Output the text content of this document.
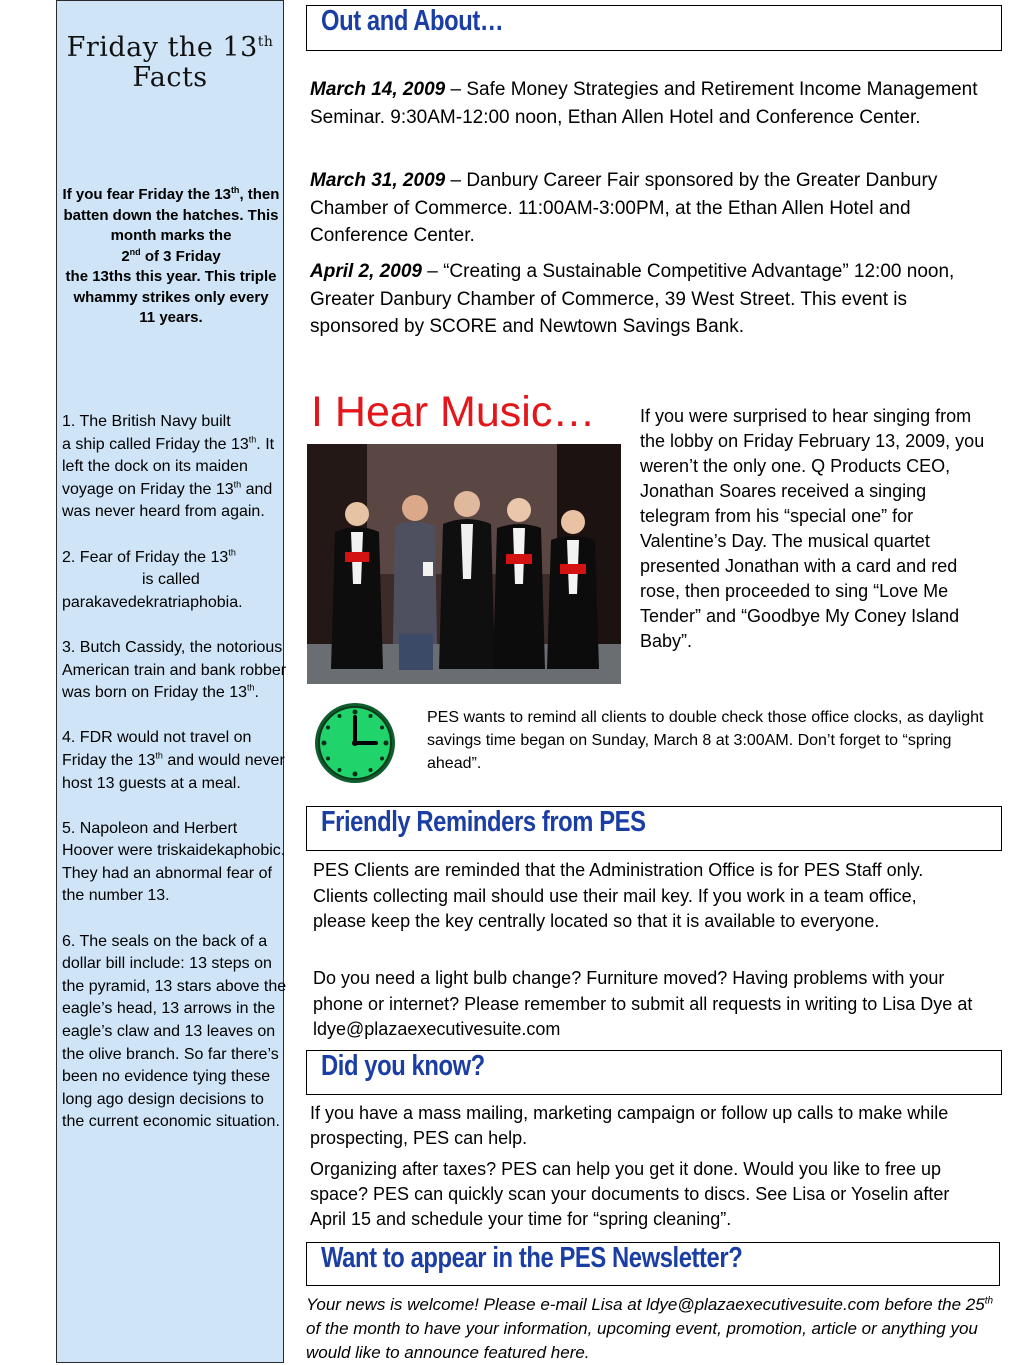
Friday the 13th
Facts

If you fear Friday the 13th, then batten down the hatches. This month marks the
2nd of 3 Friday
the 13ths this year. This triple whammy strikes only every
11 years.

1. The British Navy built
a ship called Friday the 13th. It left the dock on its maiden voyage on Friday the 13th and was never heard from again.

2. Fear of Friday the 13th
is called
parakavedekratriaphobia.

3. Butch Cassidy, the notorious American train and bank robber was born on Friday the 13th.

4. FDR would not travel on Friday the 13th and would never host 13 guests at a meal.

5. Napoleon and Herbert Hoover were triskaidekaphobic. They had an abnormal fear of the number 13.

6. The seals on the back of a dollar bill include: 13 steps on the pyramid, 13 stars above the eagle’s head, 13 arrows in the eagle’s claw and 13 leaves on the olive branch. So far there’s been no evidence tying these long ago design decisions to the current economic situation.

Out and About…

March 14, 2009 – Safe Money Strategies and Retirement Income Management Seminar. 9:30AM-12:00 noon, Ethan Allen Hotel and Conference Center.

March 31, 2009 – Danbury Career Fair sponsored by the Greater Danbury Chamber of Commerce. 11:00AM-3:00PM, at the Ethan Allen Hotel and Conference Center.

April 2, 2009 – “Creating a Sustainable Competitive Advantage” 12:00 noon, Greater Danbury Chamber of Commerce, 39 West Street. This event is sponsored by SCORE and Newtown Savings Bank.

I Hear Music… If you were surprised to hear singing from the lobby on Friday February 13, 2009, you weren’t the only one. Q Products CEO, Jonathan Soares received a singing telegram from his “special one” for Valentine’s Day. The musical quartet presented Jonathan with a card and red rose, then proceeded to sing “Love Me Tender” and “Goodbye My Coney Island Baby”.

PES wants to remind all clients to double check those office clocks, as daylight savings time began on Sunday, March 8 at 3:00AM. Don’t forget to “spring ahead”.

Friendly Reminders from PES

PES Clients are reminded that the Administration Office is for PES Staff only. Clients collecting mail should use their mail key. If you work in a team office, please keep the key centrally located so that it is available to everyone.

Do you need a light bulb change? Furniture moved? Having problems with your phone or internet? Please remember to submit all requests in writing to Lisa Dye at ldye@plazaexecutivesuite.com

Did you know?

If you have a mass mailing, marketing campaign or follow up calls to make while prospecting, PES can help.

Organizing after taxes? PES can help you get it done. Would you like to free up space? PES can quickly scan your documents to discs. See Lisa or Yoselin after April 15 and schedule your time for “spring cleaning”.

Want to appear in the PES Newsletter?

Your news is welcome! Please e-mail Lisa at ldye@plazaexecutivesuite.com before the 25th of the month to have your information, upcoming event, promotion, article or anything you would like to announce featured here.
